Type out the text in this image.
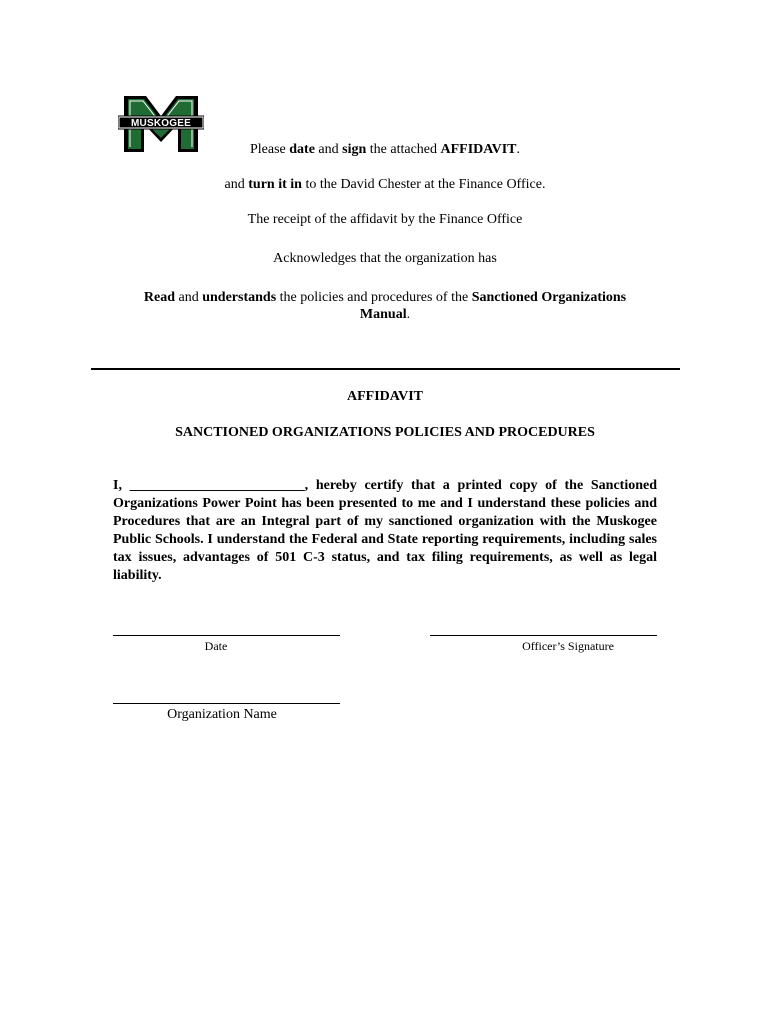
MUSKOGEE
Please date and sign the attached AFFIDAVIT.
and turn it in to the David Chester at the Finance Office.
The receipt of the affidavit by the Finance Office
Acknowledges that the organization has
Read and understands the policies and procedures of the Sanctioned Organizations
Manual.
AFFIDAVIT
SANCTIONED ORGANIZATIONS POLICIES AND PROCEDURES
I, _________________________, hereby certify that a printed copy of the Sanctioned Organizations Power Point has been presented to me and I understand these policies and Procedures that are an Integral part of my sanctioned organization with the Muskogee Public Schools. I understand the Federal and State reporting requirements, including sales tax issues, advantages of 501 C-3 status, and tax filing requirements, as well as legal liability.
Date	Officer’s Signature
Organization Name
